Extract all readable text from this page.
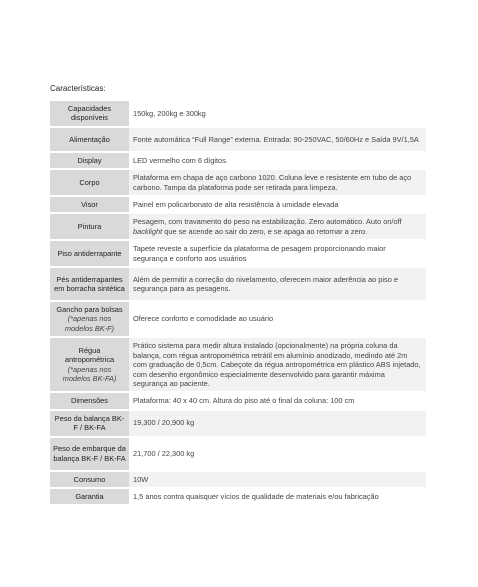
Características:

Capacidades disponíveis	150kg, 200kg e 300kg
Alimentação	Fonte automática “Full Range” externa. Entrada: 90-250VAC, 50/60Hz e Saída 9V/1,5A
Display	LED vermelho com 6 dígitos.
Corpo	Plataforma em chapa de aço carbono 1020. Coluna leve e resistente em tubo de aço carbono. Tampa da plataforma pode ser retirada para limpeza.
Visor	Painel em policarbonato de alta resistência à umidade elevada
Pintura	Pesagem, com travamento do peso na estabilização. Zero automático. Auto on/off backlight que se acende ao sair do zero, e se apaga ao retornar a zero.
Piso antiderrapante	Tapete reveste a superfície da plataforma de pesagem proporcionando maior segurança e conforto aos usuários
Pés antiderrapantes em borracha sintética	Além de permitir a correção do nivelamento, oferecem maior aderência ao piso e segurança para as pesagens.
Gancho para bolsas
(*apenas nos modelos BK-F)	Oferece conforto e comodidade ao usuário
Régua antropométrica
(*apenas nos modelos BK-FA)	Prático sistema para medir altura instalado (opcionalmente) na própria coluna da balança, com régua antropométrica retrátil em alumínio anodizado, medindo até 2m com graduação de 0,5cm. Cabeçote da régua antropométrica em plástico ABS injetado, com desenho ergonômico especialmente desenvolvido para garantir máxima segurança ao paciente.
Dimensões	Plataforma: 40 x 40 cm. Altura do piso até o final da coluna: 100 cm
Peso da balança BK-F / BK-FA	19,300 / 20,900 kg
Peso de embarque da balança BK-F / BK-FA	21,700 / 22,300 kg
Consumo	10W
Garantia	1,5 anos contra quaisquer vícios de qualidade de materiais e/ou fabricação
